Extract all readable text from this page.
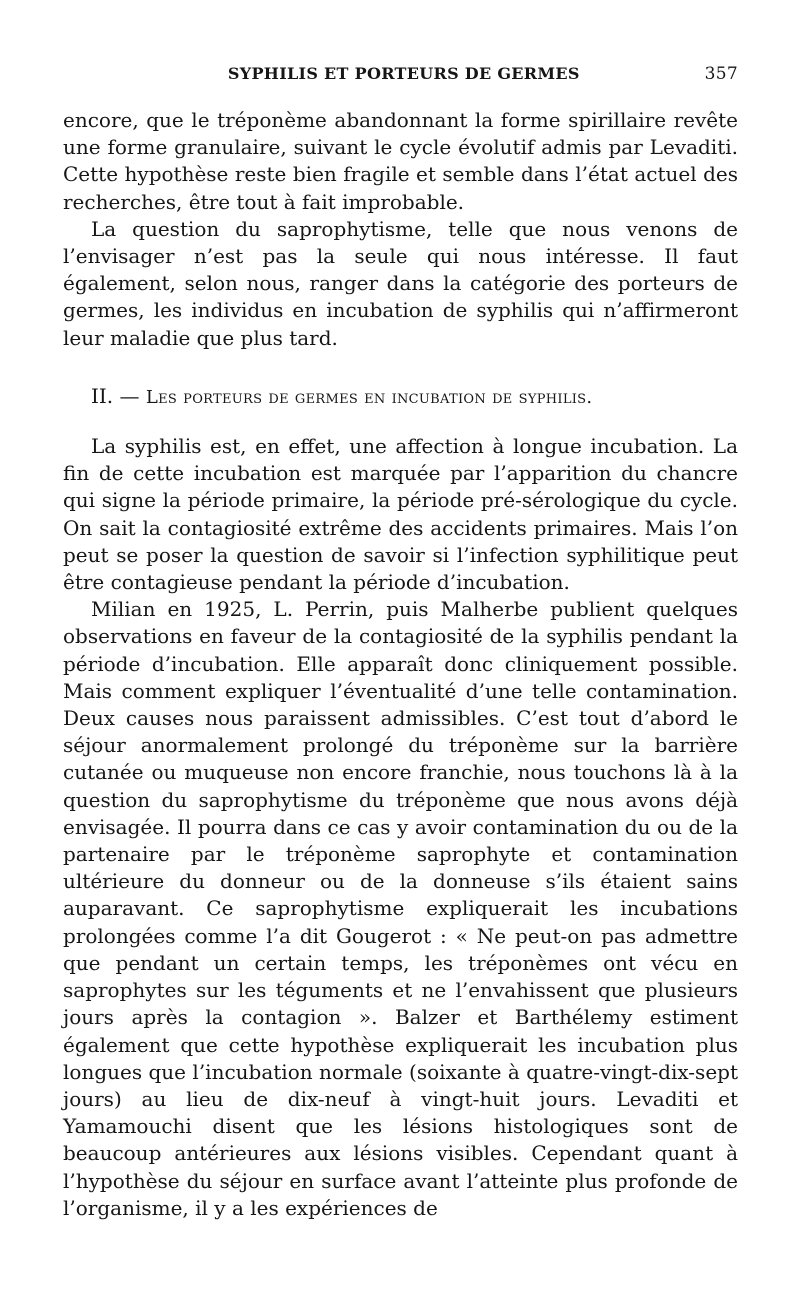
SYPHILIS ET PORTEURS DE GERMES	357

encore, que le tréponème abandonnant la forme spirillaire revête une forme granulaire, suivant le cycle évolutif admis par Levaditi. Cette hypothèse reste bien fragile et semble dans l’état actuel des recherches, être tout à fait improbable.

La question du saprophytisme, telle que nous venons de l’envisager n’est pas la seule qui nous intéresse. Il faut également, selon nous, ranger dans la catégorie des porteurs de germes, les individus en incubation de syphilis qui n’affirmeront leur maladie que plus tard.

II. — Les porteurs de germes en incubation de syphilis.

La syphilis est, en effet, une affection à longue incubation. La fin de cette incubation est marquée par l’apparition du chancre qui signe la période primaire, la période pré-sérologique du cycle. On sait la contagiosité extrême des accidents primaires. Mais l’on peut se poser la question de savoir si l’infection syphilitique peut être contagieuse pendant la période d’incubation.

Milian en 1925, L. Perrin, puis Malherbe publient quelques observations en faveur de la contagiosité de la syphilis pendant la période d’incubation. Elle apparaît donc cliniquement possible. Mais comment expliquer l’éventualité d’une telle contamination. Deux causes nous paraissent admissibles. C’est tout d’abord le séjour anormalement prolongé du tréponème sur la barrière cutanée ou muqueuse non encore franchie, nous touchons là à la question du saprophytisme du tréponème que nous avons déjà envisagée. Il pourra dans ce cas y avoir contamination du ou de la partenaire par le tréponème saprophyte et contamination ultérieure du donneur ou de la donneuse s’ils étaient sains auparavant. Ce saprophytisme expliquerait les incubations prolongées comme l’a dit Gougerot : « Ne peut-on pas admettre que pendant un certain temps, les tréponèmes ont vécu en saprophytes sur les téguments et ne l’envahissent que plusieurs jours après la contagion ». Balzer et Barthélemy estiment également que cette hypothèse expliquerait les incubation plus longues que l’incubation normale (soixante à quatre-vingt-dix-sept jours) au lieu de dix-neuf à vingt-huit jours. Levaditi et Yamamouchi disent que les lésions histologiques sont de beaucoup antérieures aux lésions visibles. Cependant quant à l’hypothèse du séjour en surface avant l’atteinte plus profonde de l’organisme, il y a les expériences de
